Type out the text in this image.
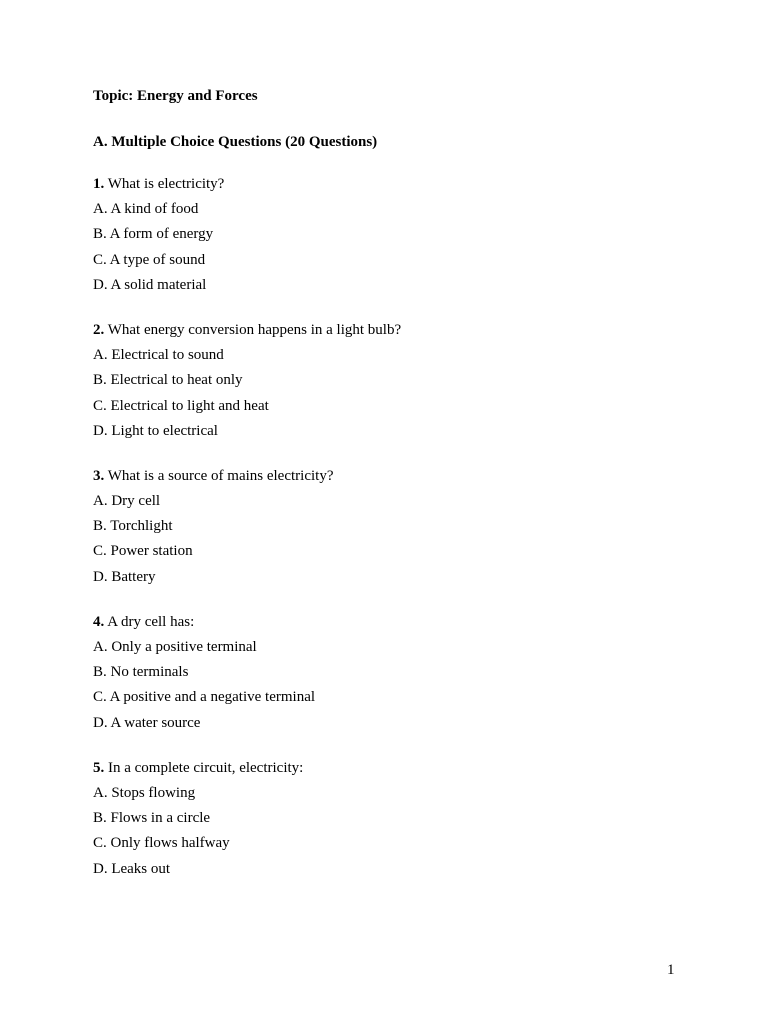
Topic: Energy and Forces
A. Multiple Choice Questions (20 Questions)
1. What is electricity?
A. A kind of food
B. A form of energy
C. A type of sound
D. A solid material
2. What energy conversion happens in a light bulb?
A. Electrical to sound
B. Electrical to heat only
C. Electrical to light and heat
D. Light to electrical
3. What is a source of mains electricity?
A. Dry cell
B. Torchlight
C. Power station
D. Battery
4. A dry cell has:
A. Only a positive terminal
B. No terminals
C. A positive and a negative terminal
D. A water source
5. In a complete circuit, electricity:
A. Stops flowing
B. Flows in a circle
C. Only flows halfway
D. Leaks out
1
